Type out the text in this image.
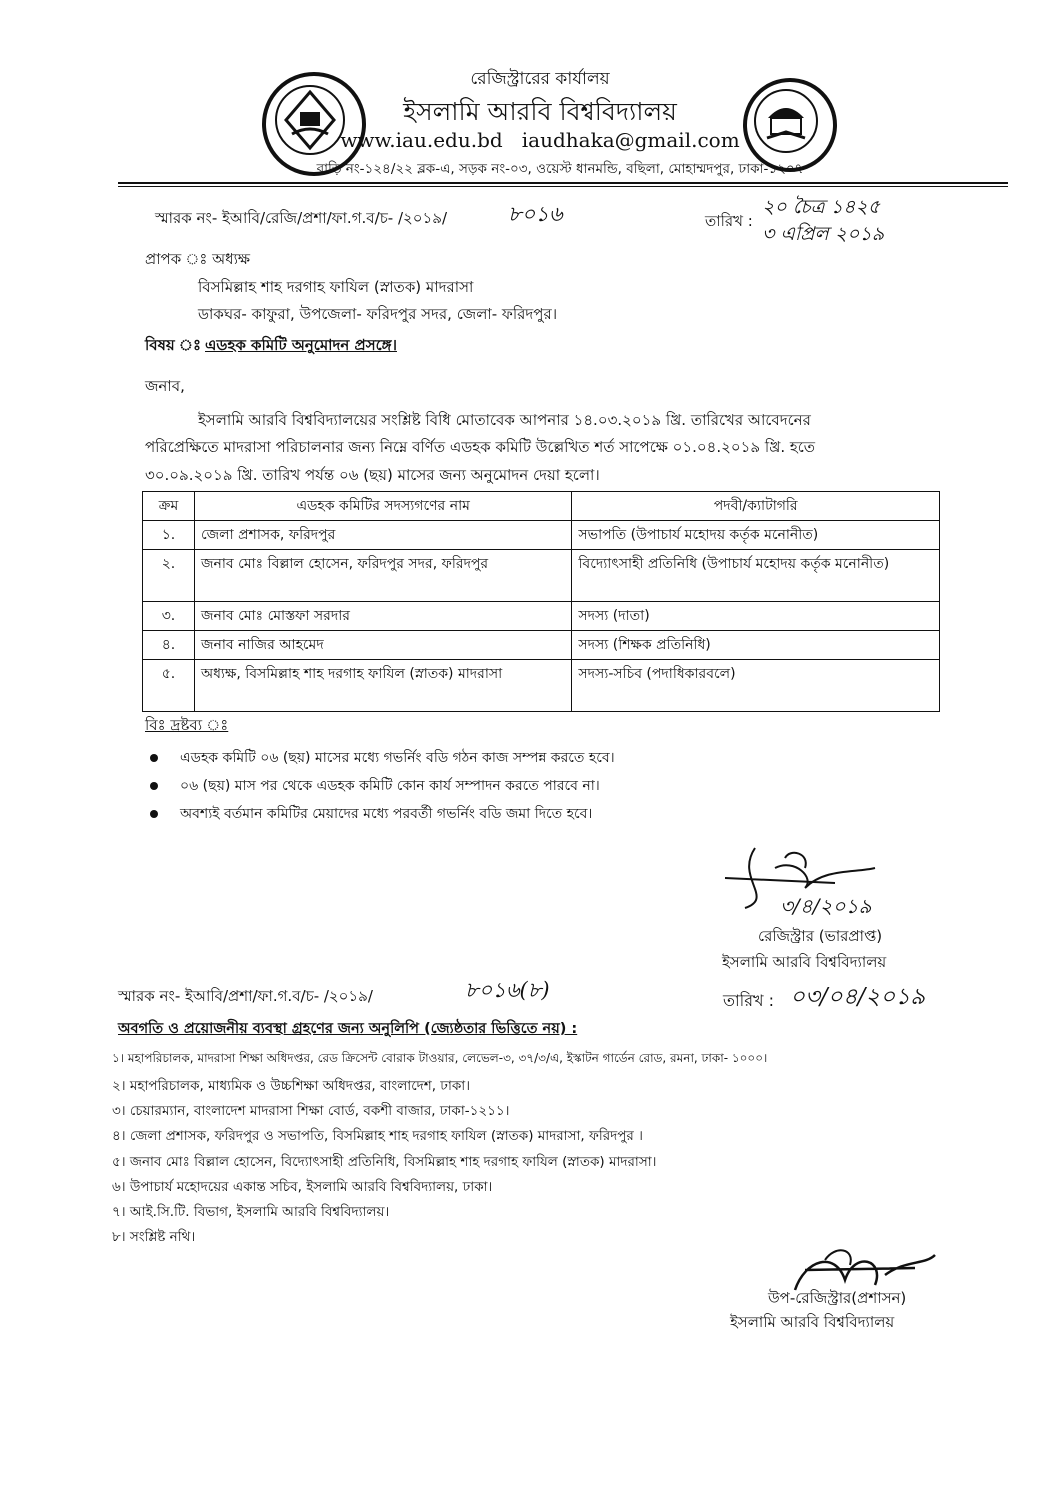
রেজিস্ট্রারের কার্যালয়
ইসলামি আরবি বিশ্ববিদ্যালয়
www.iau.edu.bd   iaudhaka@gmail.com
বাড়ি নং-১২৪/২২ ব্লক-এ, সড়ক নং-০৩, ওয়েস্ট ধানমন্ডি, বছিলা, মোহাম্মদপুর, ঢাকা-১২০৭
স্মারক নং- ইআবি/রেজি/প্রশা/ফা.গ.ব/চ- /২০১৯/	৮০১৬	তারিখ :
২০ চৈত্র ১৪২৫
৩ এপ্রিল ২০১৯
প্রাপক ঃ অধ্যক্ষ
বিসমিল্লাহ শাহ দরগাহ ফাযিল (স্নাতক) মাদরাসা
ডাকঘর- কাফুরা, উপজেলা- ফরিদপুর সদর, জেলা- ফরিদপুর।
বিষয় ঃ এডহক কমিটি অনুমোদন প্রসঙ্গে।
জনাব,
ইসলামি আরবি বিশ্ববিদ্যালয়ের সংশ্লিষ্ট বিধি মোতাবেক আপনার ১৪.০৩.২০১৯ খ্রি. তারিখের আবেদনের
পরিপ্রেক্ষিতে মাদরাসা পরিচালনার জন্য নিম্নে বর্ণিত এডহক কমিটি উল্লেখিত শর্ত সাপেক্ষে ০১.০৪.২০১৯ খ্রি. হতে
৩০.০৯.২০১৯ খ্রি. তারিখ পর্যন্ত ০৬ (ছয়) মাসের জন্য অনুমোদন দেয়া হলো।
ক্রম	এডহক কমিটির সদস্যগণের নাম	পদবী/ক্যাটাগরি
১.	জেলা প্রশাসক, ফরিদপুর	সভাপতি (উপাচার্য মহোদয় কর্তৃক মনোনীত)
২.	জনাব মোঃ বিল্লাল হোসেন, ফরিদপুর সদর, ফরিদপুর	বিদ্যোৎসাহী প্রতিনিধি (উপাচার্য মহোদয় কর্তৃক মনোনীত)
৩.	জনাব মোঃ মোস্তফা সরদার	সদস্য (দাতা)
৪.	জনাব নাজির আহমেদ	সদস্য (শিক্ষক প্রতিনিধি)
৫.	অধ্যক্ষ, বিসমিল্লাহ শাহ দরগাহ ফাযিল (স্নাতক) মাদরাসা	সদস্য-সচিব (পদাধিকারবলে)
বিঃ দ্রষ্টব্য ঃ
এডহক কমিটি ০৬ (ছয়) মাসের মধ্যে গভর্নিং বডি গঠন কাজ সম্পন্ন করতে হবে।
০৬ (ছয়) মাস পর থেকে এডহক কমিটি কোন কার্য সম্পাদন করতে পারবে না।
অবশ্যই বর্তমান কমিটির মেয়াদের মধ্যে পরবর্তী গভর্নিং বডি জমা দিতে হবে।
৩/৪/২০১৯
রেজিস্ট্রার (ভারপ্রাপ্ত)
ইসলামি আরবি বিশ্ববিদ্যালয়
স্মারক নং- ইআবি/প্রশা/ফা.গ.ব/চ- /২০১৯/	৮০১৬(৮)	তারিখ : ০৩/০৪/২০১৯
অবগতি ও প্রয়োজনীয় ব্যবস্থা গ্রহণের জন্য অনুলিপি (জ্যেষ্ঠতার ভিত্তিতে নয়) :
১। মহাপরিচালক, মাদরাসা শিক্ষা অধিদপ্তর, রেড ক্রিসেন্ট বোরাক টাওয়ার, লেভেল-৩, ৩৭/৩/এ, ইস্কাটন গার্ডেন রোড, রমনা, ঢাকা- ১০০০।
২। মহাপরিচালক, মাধ্যমিক ও উচ্চশিক্ষা অধিদপ্তর, বাংলাদেশ, ঢাকা।
৩। চেয়ারম্যান, বাংলাদেশ মাদরাসা শিক্ষা বোর্ড, বকশী বাজার, ঢাকা-১২১১।
৪। জেলা প্রশাসক, ফরিদপুর ও সভাপতি, বিসমিল্লাহ শাহ দরগাহ ফাযিল (স্নাতক) মাদরাসা, ফরিদপুর ।
৫। জনাব মোঃ বিল্লাল হোসেন, বিদ্যোৎসাহী প্রতিনিধি, বিসমিল্লাহ শাহ দরগাহ ফাযিল (স্নাতক) মাদরাসা।
৬। উপাচার্য মহোদয়ের একান্ত সচিব, ইসলামি আরবি বিশ্ববিদ্যালয়, ঢাকা।
৭। আই.সি.টি. বিভাগ, ইসলামি আরবি বিশ্ববিদ্যালয়।
৮। সংশ্লিষ্ট নথি।
উপ-রেজিস্ট্রার(প্রশাসন)
ইসলামি আরবি বিশ্ববিদ্যালয়
